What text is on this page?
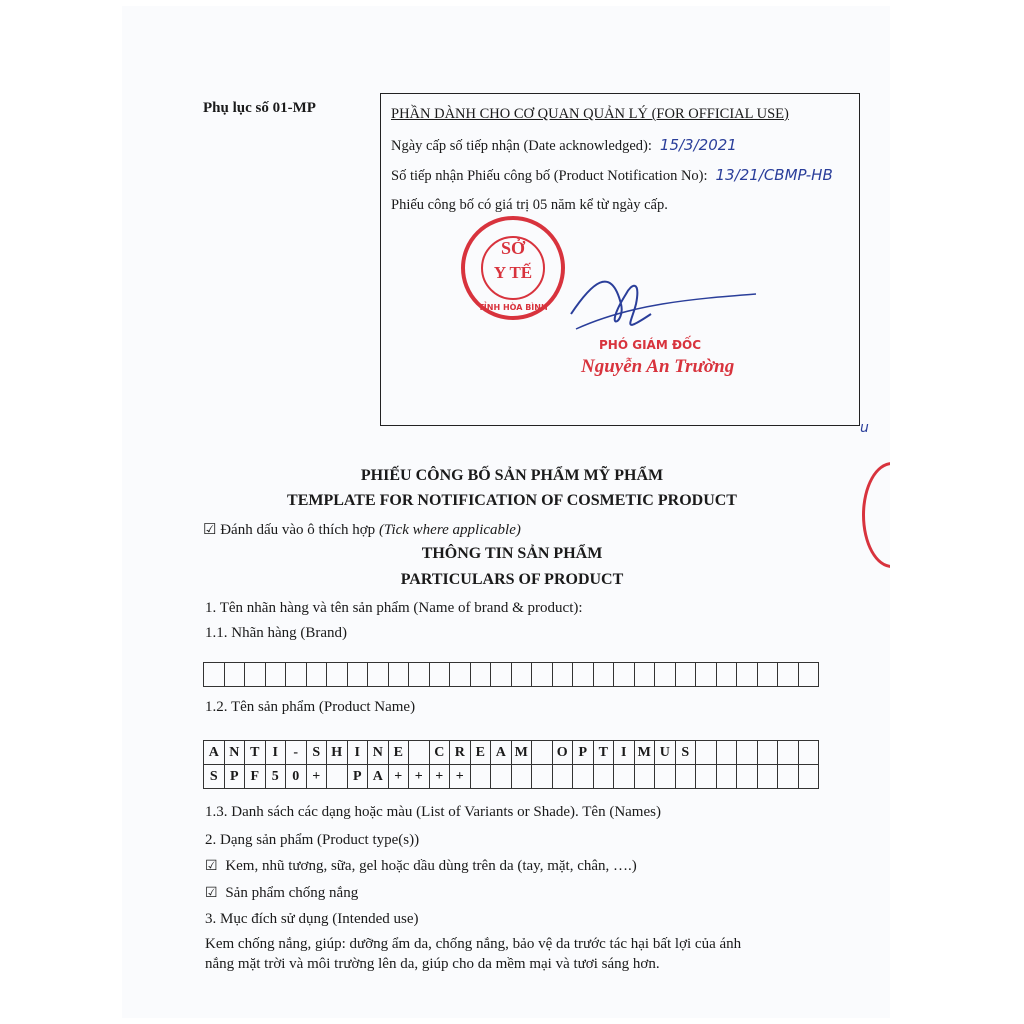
Phụ lục số 01-MP	PHẦN DÀNH CHO CƠ QUAN QUẢN LÝ (FOR OFFICIAL USE)
Ngày cấp số tiếp nhận (Date acknowledged): 15/3/2021
Số tiếp nhận Phiếu công bố (Product Notification No): 13/21/CBMP-HB
Phiếu công bố có giá trị 05 năm kể từ ngày cấp.
SỞ
Y TẾ
TỈNH HÒA BÌNH
PHÓ GIÁM ĐỐC
Nguyễn An Trường
u
PHIẾU CÔNG BỐ SẢN PHẨM MỸ PHẨM
TEMPLATE FOR NOTIFICATION OF COSMETIC PRODUCT
☑ Đánh dấu vào ô thích hợp (Tick where applicable)
THÔNG TIN SẢN PHẨM
PARTICULARS OF PRODUCT
1. Tên nhãn hàng và tên sản phẩm (Name of brand & product):
1.1. Nhãn hàng (Brand)

1.2. Tên sản phẩm (Product Name)
A	N	T	I	-	S	H	I	N	E		C	R	E	A	M		O	P	T	I	M	U	S						
S	P	F	5	0	+		P	A	+	+	+	+																	
1.3. Danh sách các dạng hoặc màu (List of Variants or Shade). Tên (Names)
2. Dạng sản phẩm (Product type(s))
☑ Kem, nhũ tương, sữa, gel hoặc dầu dùng trên da (tay, mặt, chân, ….)
☑ Sản phẩm chống nắng
3. Mục đích sử dụng (Intended use)
Kem chống nắng, giúp: dưỡng ẩm da, chống nắng, bảo vệ da trước tác hại bất lợi của ánh
nắng mặt trời và môi trường lên da, giúp cho da mềm mại và tươi sáng hơn.
